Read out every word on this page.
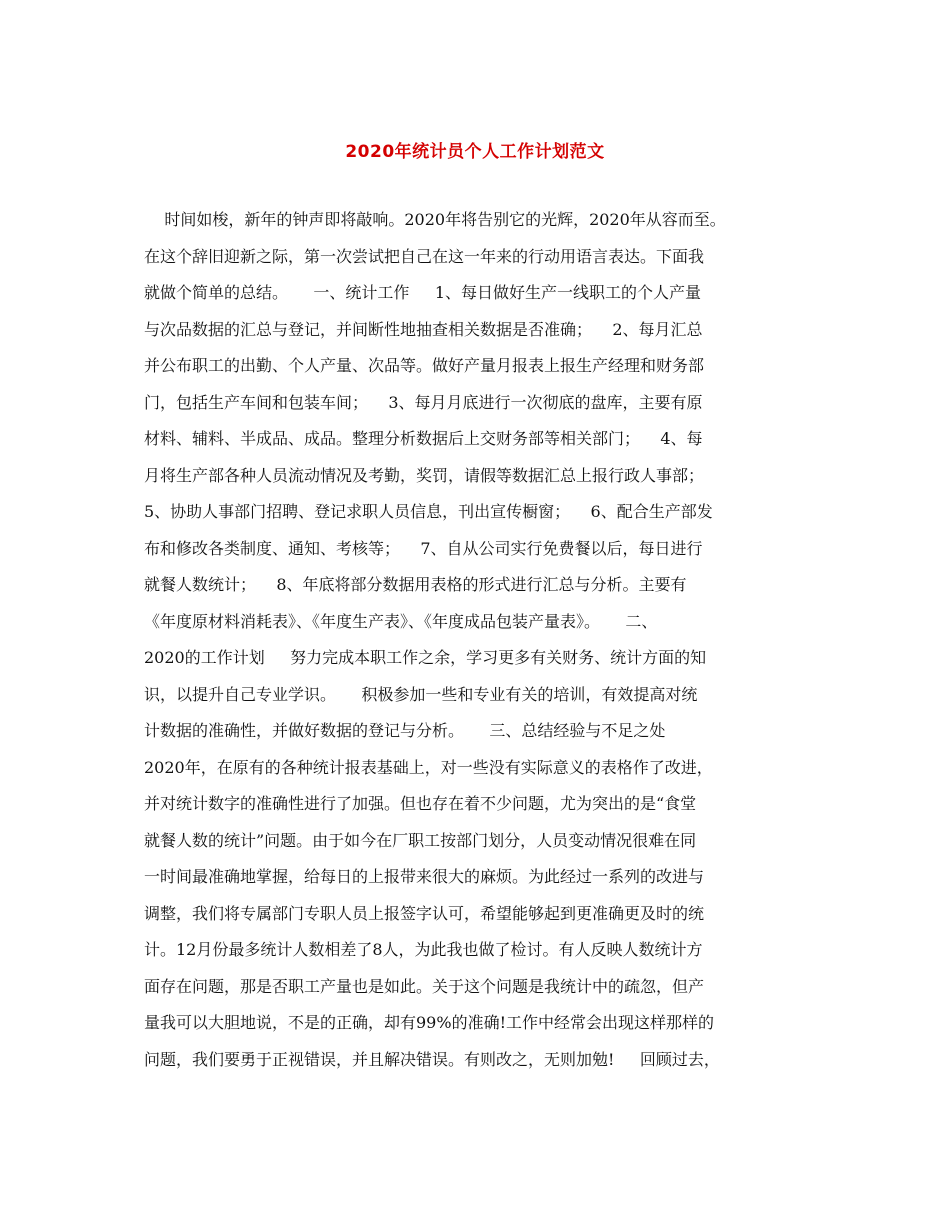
2020年统计员个人工作计划范文
时间如梭，新年的钟声即将敲响。2020年将告别它的光辉，2020年从容而至。
在这个辞旧迎新之际，第一次尝试把自己在这一年来的行动用语言表达。下面我
就做个简单的总结。     一、统计工作     1、每日做好生产一线职工的个人产量
与次品数据的汇总与登记，并间断性地抽查相关数据是否准确；    2、每月汇总
并公布职工的出勤、个人产量、次品等。做好产量月报表上报生产经理和财务部
门，包括生产车间和包装车间；    3、每月月底进行一次彻底的盘库，主要有原
材料、辅料、半成品、成品。整理分析数据后上交财务部等相关部门；    4、每
月将生产部各种人员流动情况及考勤，奖罚，请假等数据汇总上报行政人事部；
5、协助人事部门招聘、登记求职人员信息，刊出宣传橱窗；    6、配合生产部发
布和修改各类制度、通知、考核等；    7、自从公司实行免费餐以后，每日进行
就餐人数统计；    8、年底将部分数据用表格的形式进行汇总与分析。主要有
《年度原材料消耗表》、《年度生产表》、《年度成品包装产量表》。     二、
2020的工作计划     努力完成本职工作之余，学习更多有关财务、统计方面的知
识，以提升自己专业学识。     积极参加一些和专业有关的培训，有效提高对统
计数据的准确性，并做好数据的登记与分析。     三、总结经验与不足之处
2020年，在原有的各种统计报表基础上，对一些没有实际意义的表格作了改进，
并对统计数字的准确性进行了加强。但也存在着不少问题，尤为突出的是“食堂
就餐人数的统计”问题。由于如今在厂职工按部门划分，人员变动情况很难在同
一时间最准确地掌握，给每日的上报带来很大的麻烦。为此经过一系列的改进与
调整，我们将专属部门专职人员上报签字认可，希望能够起到更准确更及时的统
计。12月份最多统计人数相差了8人，为此我也做了检讨。有人反映人数统计方
面存在问题，那是否职工产量也是如此。关于这个问题是我统计中的疏忽，但产
量我可以大胆地说，不是的正确，却有99%的准确!工作中经常会出现这样那样的
问题，我们要勇于正视错误，并且解决错误。有则改之，无则加勉!     回顾过去，
